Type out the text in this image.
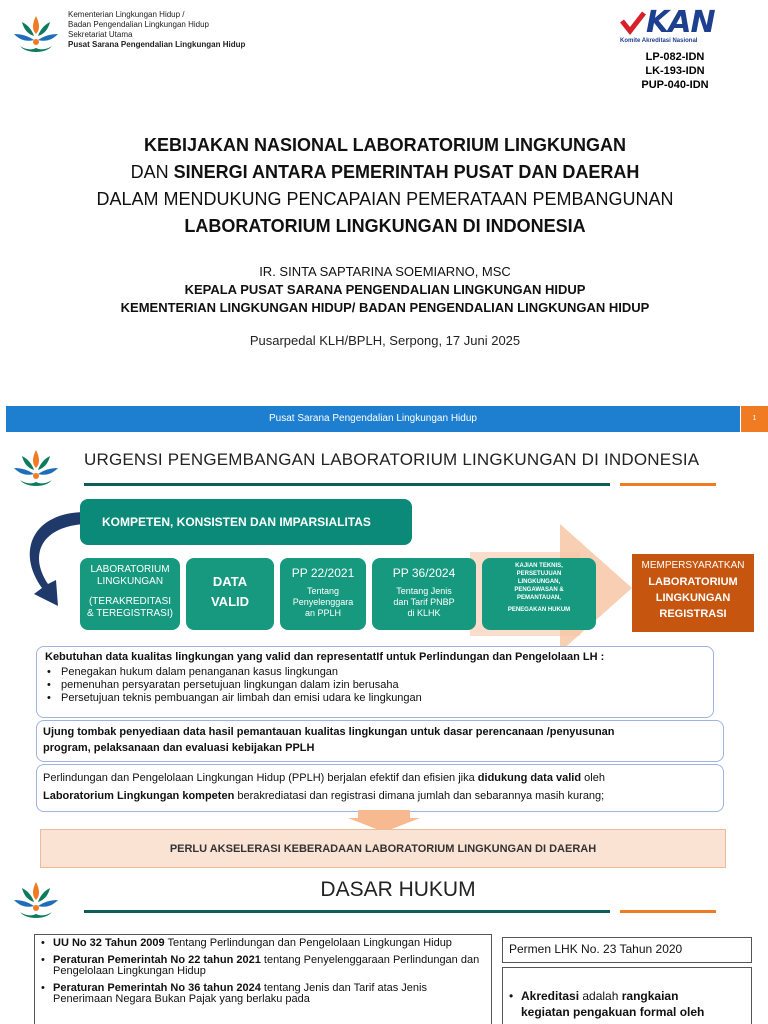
Kementerian Lingkungan Hidup /
Badan Pengendalian Lingkungan Hidup
Sekretariat Utama
Pusat Sarana Pengendalian Lingkungan Hidup
KAN
Komite Akreditasi Nasional
LP-082-IDN
LK-193-IDN
PUP-040-IDN
KEBIJAKAN NASIONAL LABORATORIUM LINGKUNGAN
DAN SINERGI ANTARA PEMERINTAH PUSAT DAN DAERAH
DALAM MENDUKUNG PENCAPAIAN PEMERATAAN PEMBANGUNAN
LABORATORIUM LINGKUNGAN DI INDONESIA
IR. SINTA SAPTARINA SOEMIARNO, MSC
KEPALA PUSAT SARANA PENGENDALIAN LINGKUNGAN HIDUP
KEMENTERIAN LINGKUNGAN HIDUP/ BADAN PENGENDALIAN LINGKUNGAN HIDUP
Pusarpedal KLH/BPLH, Serpong, 17 Juni 2025
Pusat Sarana Pengendalian Lingkungan Hidup	1
URGENSI PENGEMBANGAN LABORATORIUM LINGKUNGAN DI INDONESIA
KOMPETEN, KONSISTEN DAN IMPARSIALITAS
LABORATORIUM
LINGKUNGAN
(TERAKREDITASI
& TEREGISTRASI)
DATA
VALID
PP 22/2021
Tentang
Penyelenggara
an PPLH
PP 36/2024
Tentang Jenis
dan Tarif PNBP
di KLHK
KAJIAN TEKNIS,
PERSETUJUAN
LINGKUNGAN,
PENGAWASAN &
PEMANTAUAN,
PENEGAKAN HUKUM
MEMPERSYARATKAN
LABORATORIUM
LINGKUNGAN
REGISTRASI
Kebutuhan data kualitas lingkungan yang valid dan representatIf untuk Perlindungan dan Pengelolaan LH :
• Penegakan hukum dalam penanganan kasus lingkungan
• pemenuhan persyaratan persetujuan lingkungan dalam izin berusaha
• Persetujuan teknis pembuangan air limbah dan emisi udara ke lingkungan
Ujung tombak penyediaan data hasil pemantauan kualitas lingkungan untuk dasar perencanaan /penyusunan
program, pelaksanaan dan evaluasi kebijakan PPLH
Perlindungan dan Pengelolaan Lingkungan Hidup (PPLH) berjalan efektif dan efisien jika didukung data valid oleh
Laboratorium Lingkungan kompeten berakrediatasi dan registrasi dimana jumlah dan sebarannya masih kurang;
PERLU AKSELERASI KEBERADAAN LABORATORIUM LINGKUNGAN DI DAERAH
DASAR HUKUM
• UU No 32 Tahun 2009 Tentang Perlindungan dan Pengelolaan Lingkungan Hidup
• Peraturan Pemerintah No 22 tahun 2021 tentang Penyelenggaraan Perlindungan dan Pengelolaan Lingkungan Hidup
• Peraturan Pemerintah No 36 tahun 2024 tentang Jenis dan Tarif atas Jenis Penerimaan Negara Bukan Pajak yang berlaku pada
Permen LHK No. 23 Tahun 2020
• Akreditasi adalah rangkaian
kegiatan pengakuan formal oleh
